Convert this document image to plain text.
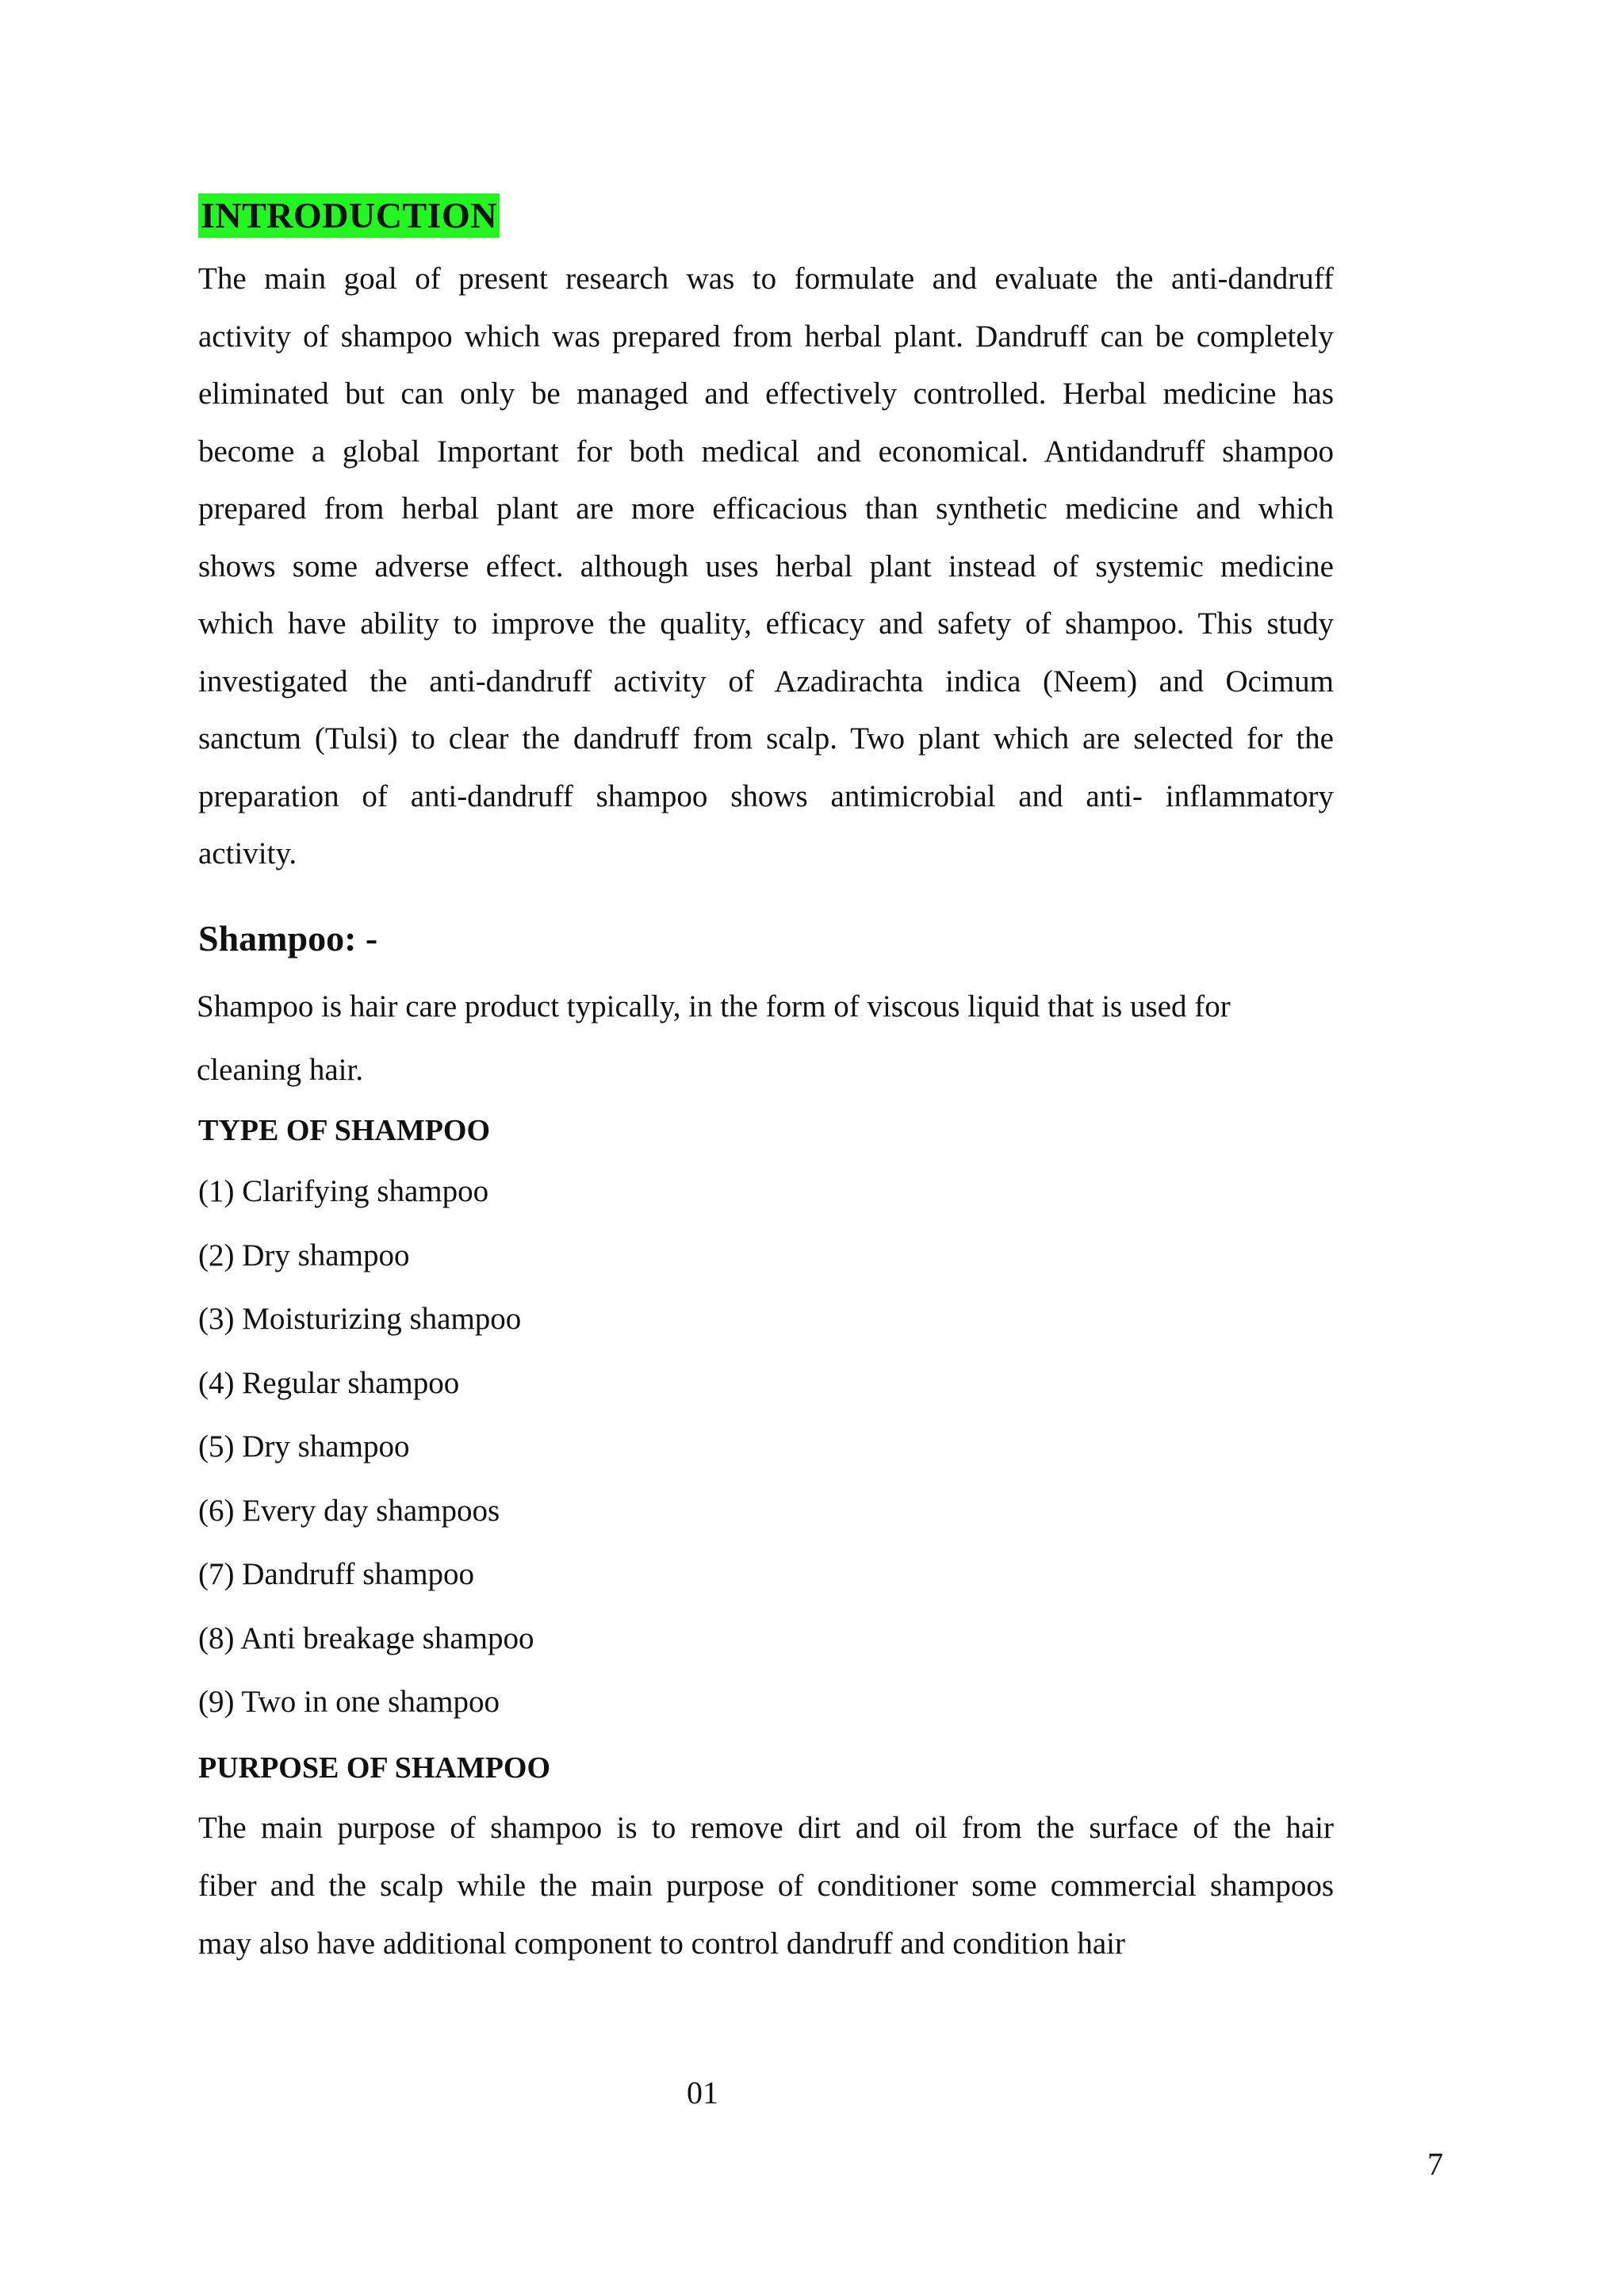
INTRODUCTION
The main goal of present research was to formulate and evaluate the anti-dandruff
activity of shampoo which was prepared from herbal plant. Dandruff can be completely
eliminated but can only be managed and effectively controlled. Herbal medicine has
become a global Important for both medical and economical. Antidandruff shampoo
prepared from herbal plant are more efficacious than synthetic medicine and which
shows some adverse effect. although uses herbal plant instead of systemic medicine
which have ability to improve the quality, efficacy and safety of shampoo. This study
investigated the anti-dandruff activity of Azadirachta indica (Neem) and Ocimum
sanctum (Tulsi) to clear the dandruff from scalp. Two plant which are selected for the
preparation of anti-dandruff shampoo shows antimicrobial and anti- inflammatory
activity.
Shampoo: -
Shampoo is hair care product typically, in the form of viscous liquid that is used for
cleaning hair.
TYPE OF SHAMPOO
(1) Clarifying shampoo
(2) Dry shampoo
(3) Moisturizing shampoo
(4) Regular shampoo
(5) Dry shampoo
(6) Every day shampoos
(7) Dandruff shampoo
(8) Anti breakage shampoo
(9) Two in one shampoo
PURPOSE OF SHAMPOO
The main purpose of shampoo is to remove dirt and oil from the surface of the hair
fiber and the scalp while the main purpose of conditioner some commercial shampoos
may also have additional component to control dandruff and condition hair
01
7
